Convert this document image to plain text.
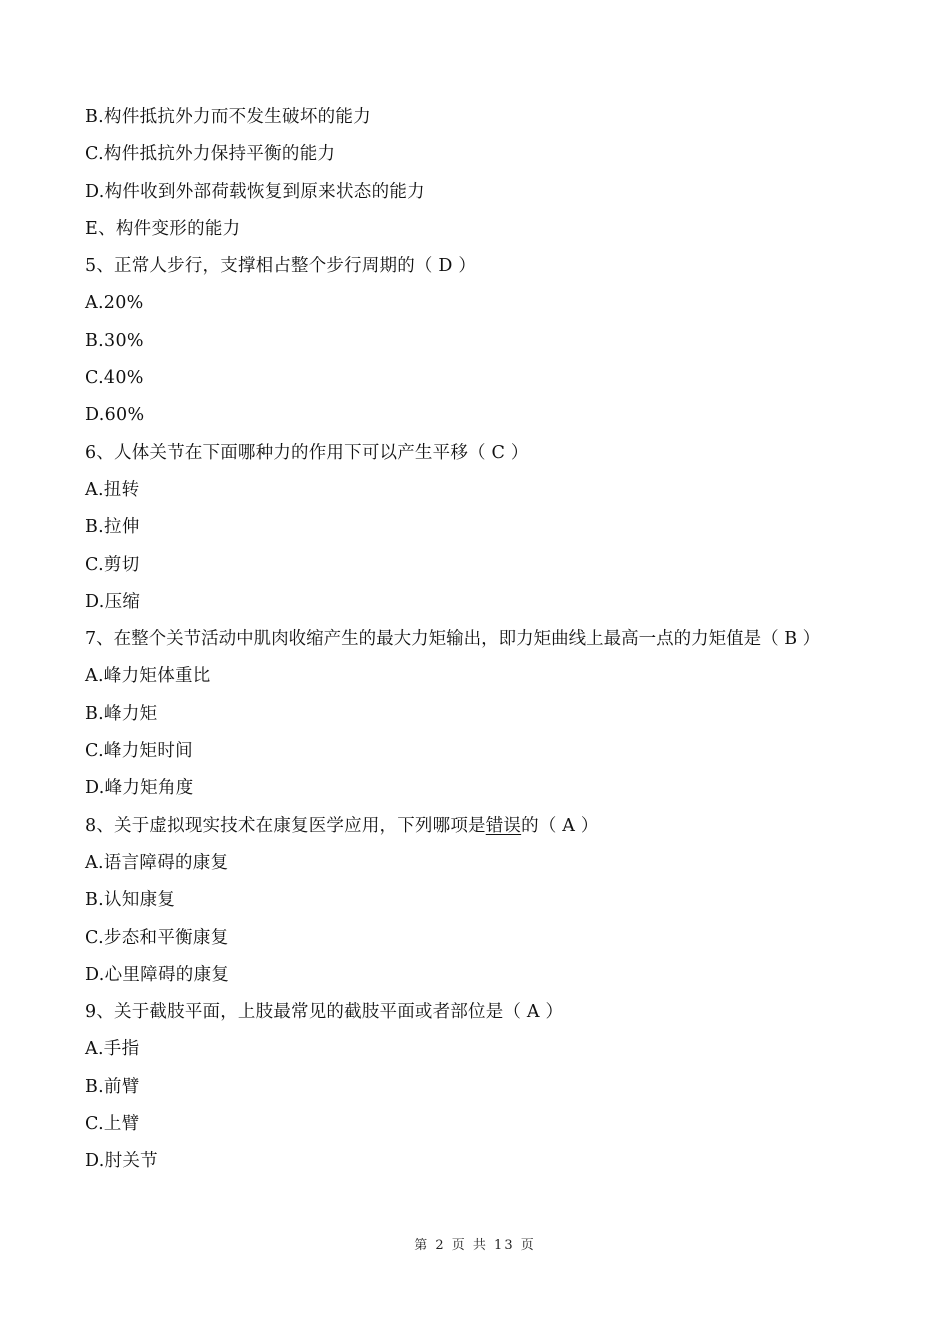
B.构件抵抗外力而不发生破坏的能力
C.构件抵抗外力保持平衡的能力
D.构件收到外部荷载恢复到原来状态的能力
E、构件变形的能力
5、正常人步行，支撑相占整个步行周期的（ D ）
A.20%
B.30%
C.40%
D.60%
6、人体关节在下面哪种力的作用下可以产生平移（ C ）
A.扭转
B.拉伸
C.剪切
D.压缩
7、在整个关节活动中肌肉收缩产生的最大力矩输出，即力矩曲线上最高一点的力矩值是（ B ）
A.峰力矩体重比
B.峰力矩
C.峰力矩时间
D.峰力矩角度
8、关于虚拟现实技术在康复医学应用，下列哪项是错误的（ A ）
A.语言障碍的康复
B.认知康复
C.步态和平衡康复
D.心里障碍的康复
9、关于截肢平面，上肢最常见的截肢平面或者部位是（ A ）
A.手指
B.前臂
C.上臂
D.肘关节
第 2 页 共 13 页
